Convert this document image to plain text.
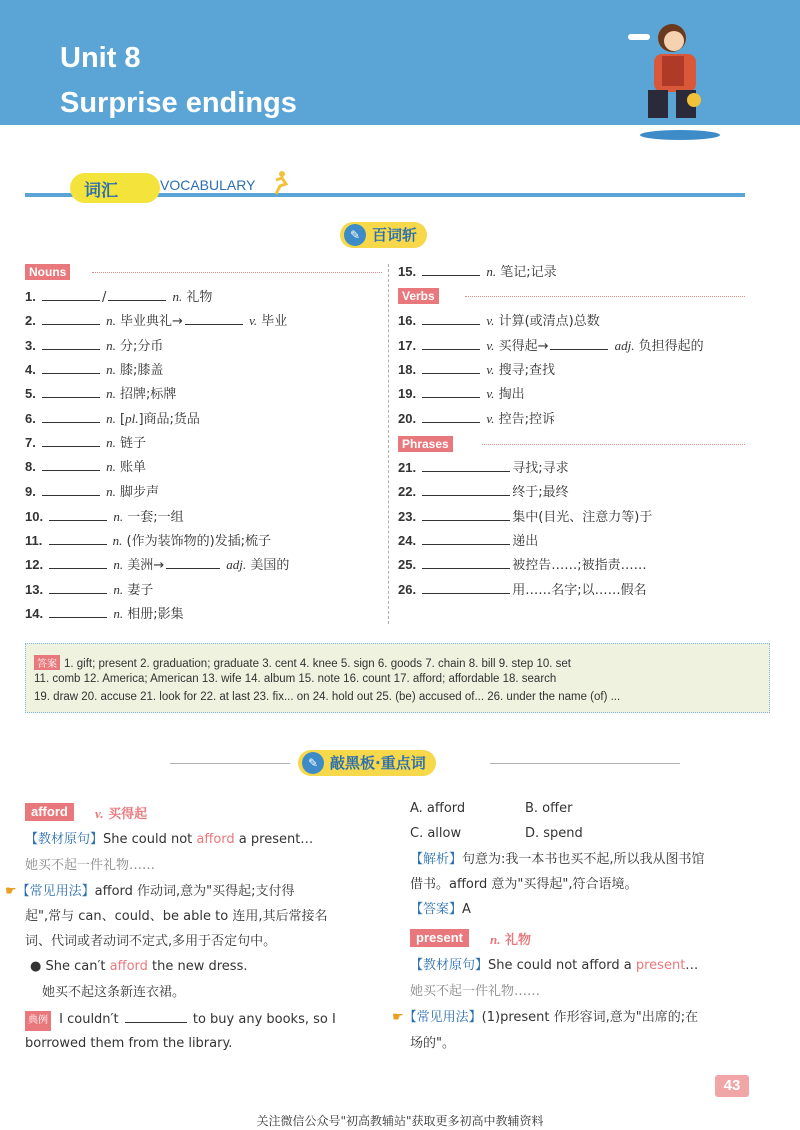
Unit 8
Surprise endings
词汇	VOCABULARY
✎ 百词斩
Nouns
1.	/	n. 礼物
2.	n. 毕业典礼→	v. 毕业
3.	n. 分;分币
4.	n. 膝;膝盖
5.	n. 招牌;标牌
6.	n. [pl.]商品;货品
7.	n. 链子
8.	n. 账单
9.	n. 脚步声
10.	n. 一套;一组
11.	n. (作为装饰物的)发插;梳子
12.	n. 美洲→	adj. 美国的
13.	n. 妻子
14.	n. 相册;影集
15.	n. 笔记;记录
Verbs
16.	v. 计算(或清点)总数
17.	v. 买得起→	adj. 负担得起的
18.	v. 搜寻;查找
19.	v. 掏出
20.	v. 控告;控诉
Phrases
21.	寻找;寻求
22.	终于;最终
23.	集中(目光、注意力等)于
24.	递出
25.	被控告……;被指责……
26.	用……名字;以……假名
答案 1. gift; present 2. graduation; graduate 3. cent 4. knee 5. sign 6. goods 7. chain 8. bill 9. step 10. set
11. comb 12. America; American 13. wife 14. album 15. note 16. count 17. afford; affordable 18. search
19. draw 20. accuse 21. look for 22. at last 23. fix... on 24. hold out 25. (be) accused of... 26. under the name (of) ...
✎ 敲黑板·重点词
afford	v. 买得起
【教材原句】She could not afford a present…
她买不起一件礼物……
☛【常见用法】afford 作动词,意为"买得起;支付得
起",常与 can、could、be able to 连用,其后常接名
词、代词或者动词不定式,多用于否定句中。
● She can′t afford the new dress.
她买不起这条新连衣裙。
典例 I couldn′t	to buy any books, so I
borrowed them from the library.
A. afford	B. offer
C. allow	D. spend
【解析】句意为:我一本书也买不起,所以我从图书馆
借书。afford 意为"买得起",符合语境。
【答案】A
present	n. 礼物
【教材原句】She could not afford a present…
她买不起一件礼物……
☛【常见用法】(1)present 作形容词,意为"出席的;在
场的"。
43
关注微信公众号"初高教辅站"获取更多初高中教辅资料
